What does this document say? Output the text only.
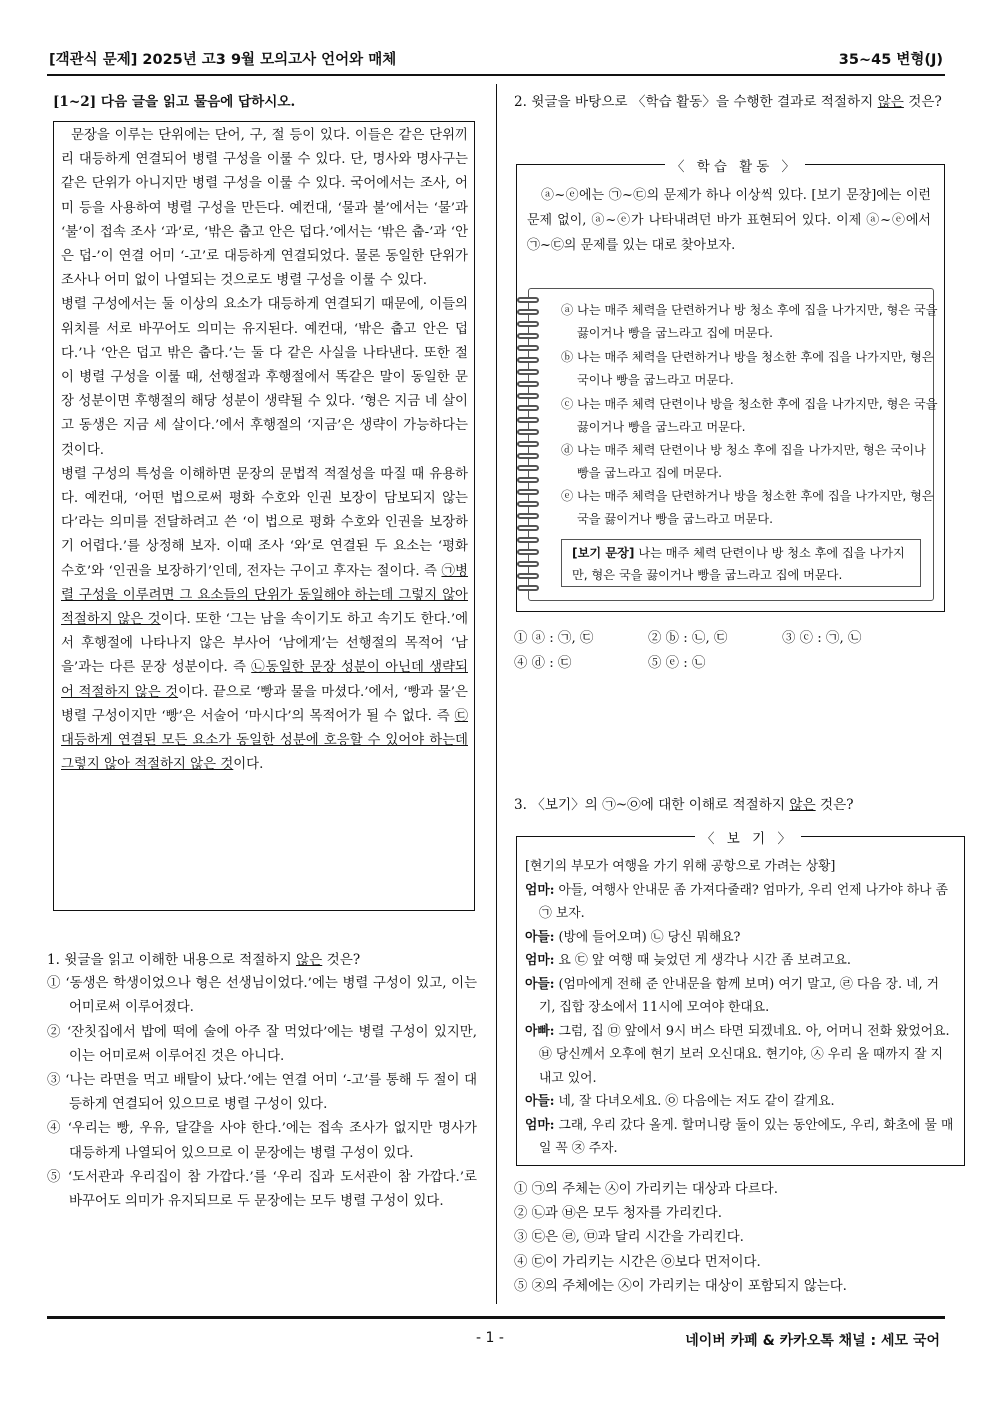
[객관식 문제] 2025년 고3 9월 모의고사 언어와 매체	35~45 변형(J)
[1~2] 다음 글을 읽고 물음에 답하시오.

문장을 이루는 단위에는 단어, 구, 절 등이 있다. 이들은 같은 단위끼리 대등하게 연결되어 병렬 구성을 이룰 수 있다. 단, 명사와 명사구는 같은 단위가 아니지만 병렬 구성을 이룰 수 있다. 국어에서는 조사, 어미 등을 사용하여 병렬 구성을 만든다. 예컨대, ‘물과 불’에서는 ‘물’과 ‘불’이 접속 조사 ‘과’로, ‘밖은 춥고 안은 덥다.’에서는 ‘밖은 춥-’과 ‘안은 덥-’이 연결 어미 ‘-고’로 대등하게 연결되었다. 물론 동일한 단위가 조사나 어미 없이 나열되는 것으로도 병렬 구성을 이룰 수 있다.

병렬 구성에서는 둘 이상의 요소가 대등하게 연결되기 때문에, 이들의 위치를 서로 바꾸어도 의미는 유지된다. 예컨대, ‘밖은 춥고 안은 덥다.’나 ‘안은 덥고 밖은 춥다.’는 둘 다 같은 사실을 나타낸다. 또한 절이 병렬 구성을 이룰 때, 선행절과 후행절에서 똑같은 말이 동일한 문장 성분이면 후행절의 해당 성분이 생략될 수 있다. ‘형은 지금 네 살이고 동생은 지금 세 살이다.’에서 후행절의 ‘지금’은 생략이 가능하다는 것이다.

병렬 구성의 특성을 이해하면 문장의 문법적 적절성을 따질 때 유용하다. 예컨대, ‘어떤 법으로써 평화 수호와 인권 보장이 담보되지 않는다’라는 의미를 전달하려고 쓴 ‘이 법으로 평화 수호와 인권을 보장하기 어렵다.’를 상정해 보자. 이때 조사 ‘와’로 연결된 두 요소는 ‘평화 수호’와 ‘인권을 보장하기’인데, 전자는 구이고 후자는 절이다. 즉 ㉠병렬 구성을 이루려면 그 요소들의 단위가 동일해야 하는데 그렇지 않아 적절하지 않은 것이다. 또한 ‘그는 남을 속이기도 하고 속기도 한다.’에서 후행절에 나타나지 않은 부사어 ‘남에게’는 선행절의 목적어 ‘남을’과는 다른 문장 성분이다. 즉 ㉡동일한 문장 성분이 아닌데 생략되어 적절하지 않은 것이다. 끝으로 ‘빵과 물을 마셨다.’에서, ‘빵과 물’은 병렬 구성이지만 ‘빵’은 서술어 ‘마시다’의 목적어가 될 수 없다. 즉 ㉢대등하게 연결된 모든 요소가 동일한 성분에 호응할 수 있어야 하는데 그렇지 않아 적절하지 않은 것이다.

1. 윗글을 읽고 이해한 내용으로 적절하지 않은 것은?

① ‘동생은 학생이었으나 형은 선생님이었다.’에는 병렬 구성이 있고, 이는 어미로써 이루어졌다.

② ‘잔칫집에서 밥에 떡에 술에 아주 잘 먹었다’에는 병렬 구성이 있지만, 이는 어미로써 이루어진 것은 아니다.

③ ‘나는 라면을 먹고 배탈이 났다.’에는 연결 어미 ‘-고’를 통해 두 절이 대등하게 연결되어 있으므로 병렬 구성이 있다.

④ ‘우리는 빵, 우유, 달걀을 사야 한다.’에는 접속 조사가 없지만 명사가 대등하게 나열되어 있으므로 이 문장에는 병렬 구성이 있다.

⑤ ‘도서관과 우리집이 참 가깝다.’를 ‘우리 집과 도서관이 참 가깝다.’로 바꾸어도 의미가 유지되므로 두 문장에는 모두 병렬 구성이 있다.

2. 윗글을 바탕으로 〈학습 활동〉을 수행한 결과로 적절하지 않은 것은?
〈 학습 활동 〉
ⓐ~ⓔ에는 ㉠~㉢의 문제가 하나 이상씩 있다. [보기 문장]에는 이런 문제 없이, ⓐ~ⓔ가 나타내려던 바가 표현되어 있다. 이제 ⓐ~ⓔ에서 ㉠~㉢의 문제를 있는 대로 찾아보자.
ⓐ 나는 매주 체력을 단련하거나 방 청소 후에 집을 나가지만, 형은 국을 끓이거나 빵을 굽느라고 집에 머문다.
ⓑ 나는 매주 체력을 단련하거나 방을 청소한 후에 집을 나가지만, 형은 국이나 빵을 굽느라고 머문다.
ⓒ 나는 매주 체력 단련이나 방을 청소한 후에 집을 나가지만, 형은 국을 끓이거나 빵을 굽느라고 머문다.
ⓓ 나는 매주 체력 단련이나 방 청소 후에 집을 나가지만, 형은 국이나 빵을 굽느라고 집에 머문다.
ⓔ 나는 매주 체력을 단련하거나 방을 청소한 후에 집을 나가지만, 형은 국을 끓이거나 빵을 굽느라고 머문다.
[보기 문장] 나는 매주 체력 단련이나 방 청소 후에 집을 나가지만, 형은 국을 끓이거나 빵을 굽느라고 집에 머문다.
① ⓐ : ㉠, ㉢	② ⓑ : ㉡, ㉢	③ ⓒ : ㉠, ㉡
④ ⓓ : ㉢	⑤ ⓔ : ㉡
3. 〈보기〉의 ㉠~㉧에 대한 이해로 적절하지 않은 것은?
〈 보 기 〉

[현기의 부모가 여행을 가기 위해 공항으로 가려는 상황]

엄마: 아들, 여행사 안내문 좀 가져다줄래? 엄마가, 우리 언제 나가야 하나 좀 ㉠ 보자.

아들: (방에 들어오며) ㉡ 당신 뭐해요?

엄마: 요 ㉢ 앞 여행 때 늦었던 게 생각나 시간 좀 보려고요.

아들: (엄마에게 전해 준 안내문을 함께 보며) 여기 말고, ㉣ 다음 장. 네, 거기, 집합 장소에서 11시에 모여야 한대요.

아빠: 그럼, 집 ㉤ 앞에서 9시 버스 타면 되겠네요. 아, 어머니 전화 왔었어요. ㉥ 당신께서 오후에 현기 보러 오신대요. 현기야, ㉦ 우리 올 때까지 잘 지내고 있어.

아들: 네, 잘 다녀오세요. ㉧ 다음에는 저도 같이 갈게요.

엄마: 그래, 우리 갔다 올게. 할머니랑 둘이 있는 동안에도, 우리, 화초에 물 매일 꼭 ㉨ 주자.

① ㉠의 주체는 ㉦이 가리키는 대상과 다르다.

② ㉡과 ㉥은 모두 청자를 가리킨다.

③ ㉢은 ㉣, ㉤과 달리 시간을 가리킨다.

④ ㉢이 가리키는 시간은 ㉧보다 먼저이다.

⑤ ㉨의 주체에는 ㉦이 가리키는 대상이 포함되지 않는다.

- 1 -	네이버 카페 & 카카오톡 채널 : 세모 국어
